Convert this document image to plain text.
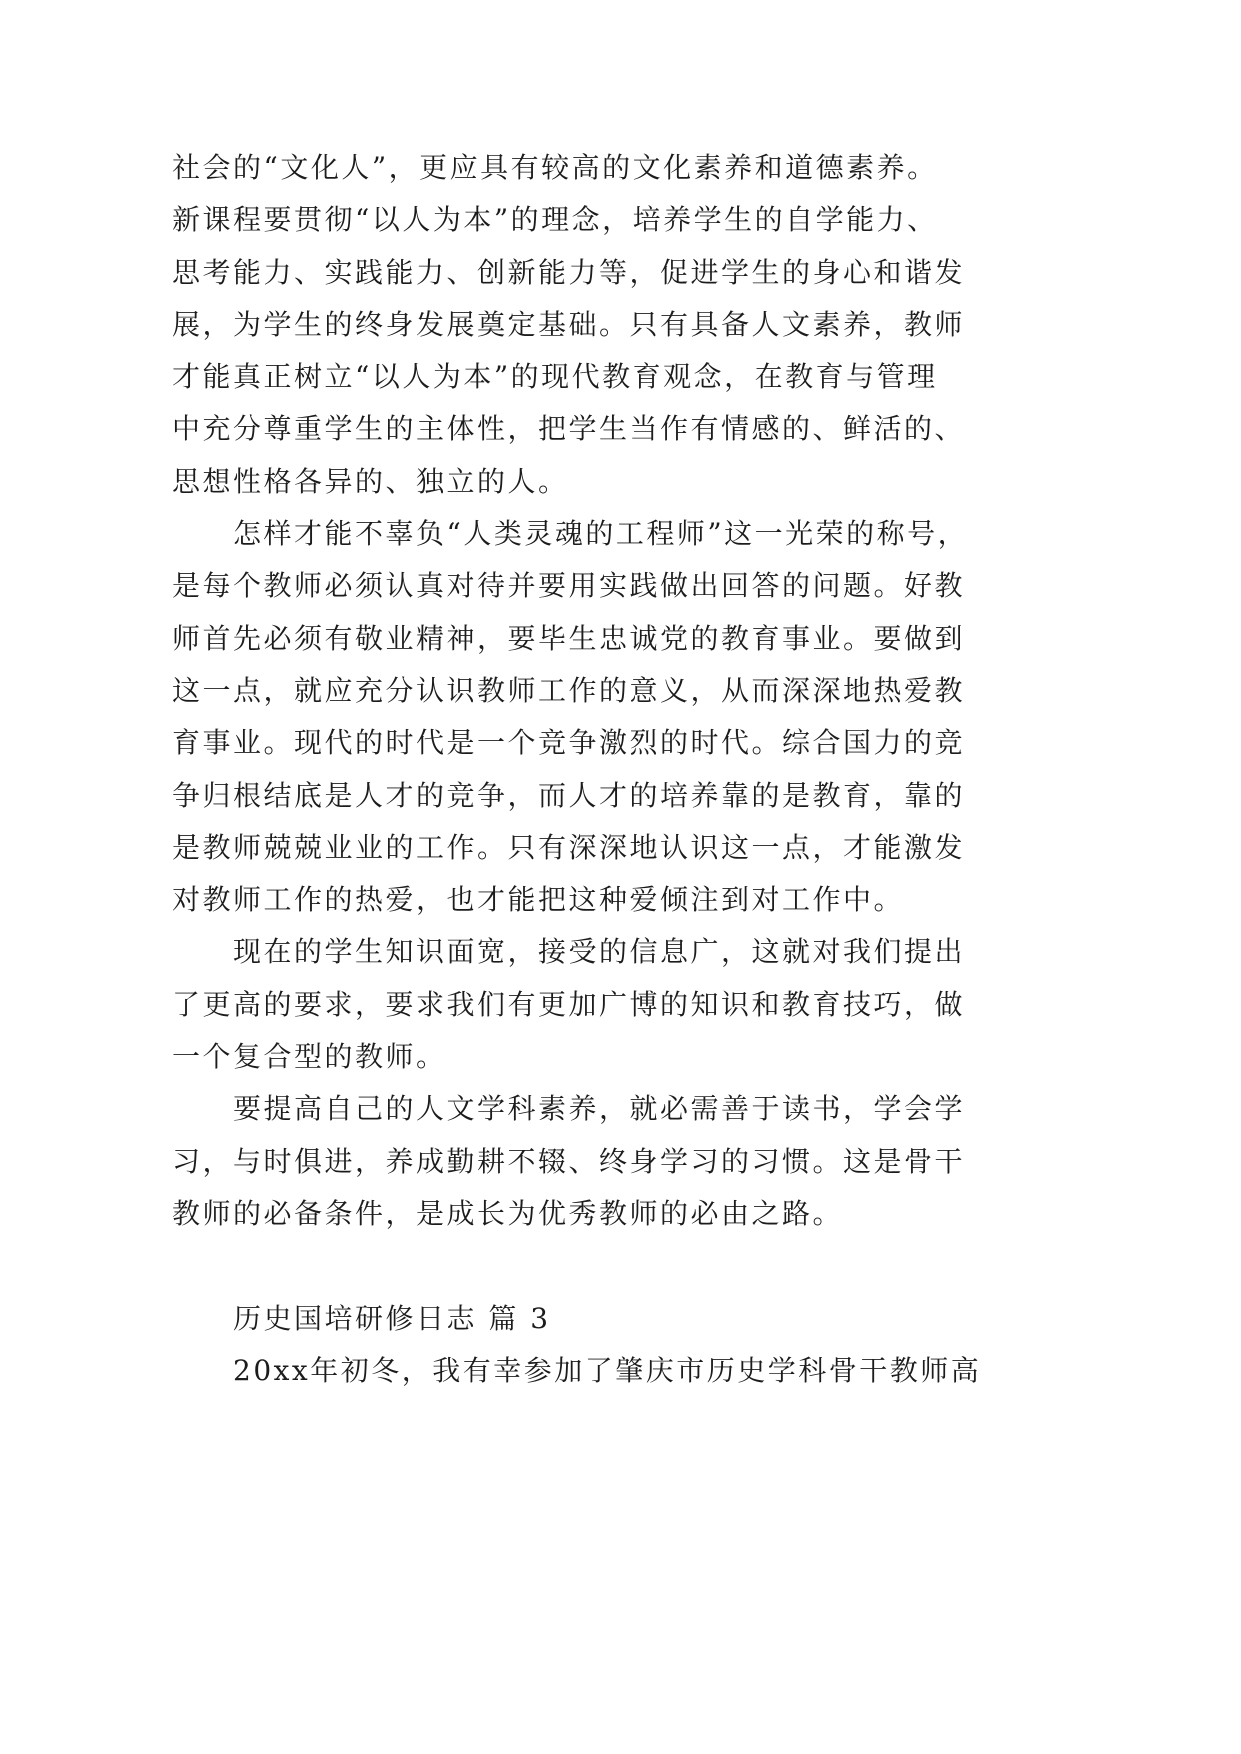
社会的“文化人”，更应具有较高的文化素养和道德素养。
新课程要贯彻“以人为本”的理念，培养学生的自学能力、
思考能力、实践能力、创新能力等，促进学生的身心和谐发
展，为学生的终身发展奠定基础。只有具备人文素养，教师
才能真正树立“以人为本”的现代教育观念，在教育与管理
中充分尊重学生的主体性，把学生当作有情感的、鲜活的、
思想性格各异的、独立的人。
怎样才能不辜负“人类灵魂的工程师”这一光荣的称号，
是每个教师必须认真对待并要用实践做出回答的问题。好教
师首先必须有敬业精神，要毕生忠诚党的教育事业。要做到
这一点，就应充分认识教师工作的意义，从而深深地热爱教
育事业。现代的时代是一个竞争激烈的时代。综合国力的竞
争归根结底是人才的竞争，而人才的培养靠的是教育，靠的
是教师兢兢业业的工作。只有深深地认识这一点，才能激发
对教师工作的热爱，也才能把这种爱倾注到对工作中。
现在的学生知识面宽，接受的信息广，这就对我们提出
了更高的要求，要求我们有更加广博的知识和教育技巧，做
一个复合型的教师。
要提高自己的人文学科素养，就必需善于读书，学会学
习，与时俱进，养成勤耕不辍、终身学习的习惯。这是骨干
教师的必备条件，是成长为优秀教师的必由之路。
历史国培研修日志 篇 3
20xx年初冬，我有幸参加了肇庆市历史学科骨干教师高
